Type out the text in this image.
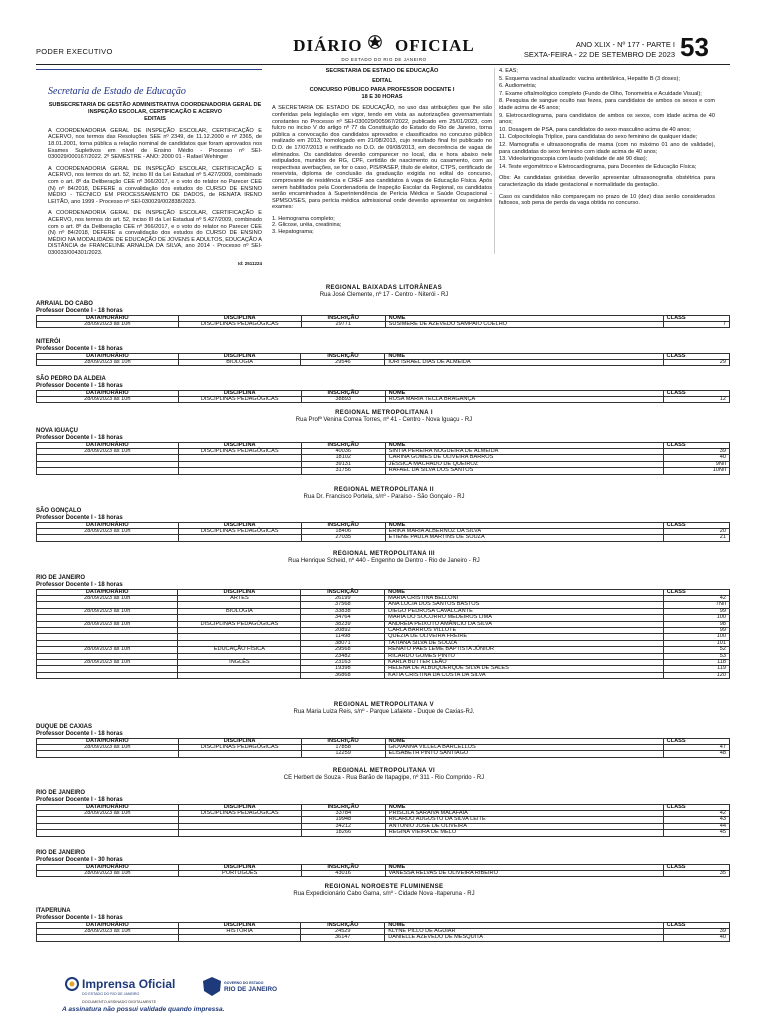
PODER EXECUTIVO	DIÁRIO OFICIAL
DO ESTADO DO RIO DE JANEIRO
ANO XLIX - Nº 177 - PARTE I
SEXTA-FEIRA - 22 DE SETEMBRO DE 2023 53
Secretaria de Estado de Educação

SUBSECRETARIA DE GESTÃO ADMINISTRATIVA COORDENADORIA GERAL DE INSPEÇÃO ESCOLAR, CERTIFICAÇÃO E ACERVO

EDITAIS

A COORDENADORIA GERAL DE INSPEÇÃO ESCOLAR, CERTIFICAÇÃO E ACERVO, nos termos das Resoluções SEE nº 2349, de 11.12.2000 e nº 2365, de 18.01.2001, torna pública a relação nominal de candidatos que foram aprovados nos Exames Supletivos em nível de Ensino Médio - Processo nº SEI-030029/000167/2022. 2º SEMESTRE - ANO: 2000 01 - Rafael Wehinger

A COORDENADORIA GERAL DE INSPEÇÃO ESCOLAR, CERTIFICAÇÃO E ACERVO, nos termos do art. 52, inciso III da Lei Estadual nº 5.427/2009, combinado com o art. 8º da Deliberação CEE nº 366/2017, e o voto do relator no Parecer CEE (N) nº 84/2018, DEFERE a convalidação dos estudos do CURSO DE ENSINO MÉDIO - TÉCNICO EM PROCESSAMENTO DE DADOS, de RENATA IRENO LEITÃO, ano 1999 - Processo nº SEI-030029/002838/2023.

A COORDENADORIA GERAL DE INSPEÇÃO ESCOLAR, CERTIFICAÇÃO E ACERVO, nos termos do art. 52, inciso III da Lei Estadual nº 5.427/2009, combinado com o art. 8º da Deliberação CEE nº 366/2017, e o voto do relator no Parecer CEE (N) nº 84/2018, DEFERE a convalidação dos estudos do CURSO DE ENSINO MÉDIO NA MODALIDADE DE EDUCAÇÃO DE JOVENS E ADULTOS, EDUCAÇÃO A DISTÂNCIA de FRANCELINE ARNALDA DA SILVA, ano 2014 - Processo nº SEI-030033/004301/2023.

Id: 2511224

SECRETARIA DE ESTADO DE EDUCAÇÃO

EDITAL

CONCURSO PÚBLICO PARA PROFESSOR DOCENTE I

18 E 30 HORAS

A SECRETARIA DE ESTADO DE EDUCAÇÃO, no uso das atribuições que lhe são conferidas pela legislação em vigor, tendo em vista as autorizações governamentais constantes no Processo nº SEI-030029/005967/2022, publicado em 25/01/2023, com fulcro no inciso V do artigo nº 77 da Constituição do Estado do Rio de Janeiro, torna pública a convocação dos candidatos aprovados e classificados no concurso público realizado em 2013, homologado em 21/08/2013, cujo resultado final foi publicado no D.O. de 17/07/2013 e retificado no D.O. de 09/08/2013, em decorrência de vagas de eliminados. Os candidatos deverão comparecer no local, dia e hora abaixo nele estipulados, munidos de RG, CPF, certidão de nascimento ou casamento, com as respectivas averbações, se for o caso, PIS/PASEP, título de eleitor, CTPS, certificado de reservista, diploma de conclusão da graduação exigida no edital do concurso, comprovante de residência e CREF aos candidatos à vaga de Educação Física. Após serem habilitados pela Coordenadoria de Inspeção Escolar da Regional, os candidatos serão encaminhados à Superintendência de Perícia Médica e Saúde Ocupacional - SPMSO/SES, para perícia médica admissional onde deverão apresentar os seguintes exames:

1. Hemograma completo;

2. Glicose, uréia, creatinina;

3. Hepatograma;

4. EAS;

5. Esquema vacinal atualizado: vacina antitetânica, Hepatite B (3 doses);

6. Audiometria;

7. Exame oftalmológico completo (Fundo de Olho, Tonometria e Acuidade Visual);

8. Pesquisa de sangue oculto nas fezes, para candidatos de ambos os sexos e com idade acima de 45 anos;

9. Eletrocardiograma, para candidatos de ambos os sexos, com idade acima de 40 anos;

10. Dosagem de PSA, para candidatos do sexo masculino acima de 40 anos;

11. Colpocitologia Tríplice, para candidatas do sexo feminino de qualquer idade;

12. Mamografia e ultrassonografia de mama (com no máximo 01 ano de validade), para candidatas do sexo feminino com idade acima de 40 anos;

13. Videolaringoscopia com laudo (validade de até 90 dias);

14. Teste ergométrico e Eletrocardiograma, para Docentes de Educação Física;

Obs: As candidatas grávidas deverão apresentar ultrassonografia obstétrica para caracterização da idade gestacional e normalidade da gestação.

Caso os candidatos não compareçam no prazo de 10 (dez) dias serão considerados faltosos, sob pena de perda da vaga obtida no concurso.

REGIONAL BAIXADAS LITORÂNEAS
Rua José Clemente, nº 17 - Centro - Niterói - RJ
ARRAIAL DO CABO
Professor Docente I - 18 horas
DATA/HORÁRIO	DISCIPLINA	INSCRIÇÃO	NOME	CLASS
28/09/2023 às 10h	DISCIPLINAS PEDAGÓGICAS	29771	SUSIMERE DE AZEVEDO SAMPAIO COELHO	7
NITERÓI
Professor Docente I - 18 horas
DATA/HORÁRIO	DISCIPLINA	INSCRIÇÃO	NOME	CLASS
28/09/2023 às 10h	BIOLOGIA	29546	IURI ISRAEL DIAS DE ALMEIDA	29
SÃO PEDRO DA ALDEIA
Professor Docente I - 18 horas
DATA/HORÁRIO	DISCIPLINA	INSCRIÇÃO	NOME	CLASS
28/09/2023 às 10h	DISCIPLINAS PEDAGÓGICAS	38893	ROSA MARIA TECLA BRAGANÇA	12
REGIONAL METROPOLITANA I
Rua Profª Venina Correa Torres, nº 41 - Centro - Nova Iguaçu - RJ
NOVA IGUAÇU
Professor Docente I - 18 horas
DATA/HORÁRIO	DISCIPLINA	INSCRIÇÃO	NOME	CLASS
28/09/2023 às 10h	DISCIPLINAS PEDAGÓGICAS	40036	SINTIA PEREIRA NOGUEIRA DE ALMEIDA	39
		18102	CARINA GOMES DE OLIVEIRA BARROS	40
		39131	JÉSSICA MACHADO DE QUEIROZ	9N/I
		31756	RAFAEL DA SILVA DOS SANTOS	10N/I
REGIONAL METROPOLITANA II
Rua Dr. Francisco Portela, s/nº - Paraíso - São Gonçalo - RJ
SÃO GONÇALO
Professor Docente I - 18 horas
DATA/HORÁRIO	DISCIPLINA	INSCRIÇÃO	NOME	CLASS
28/09/2023 às 10h	DISCIPLINAS PEDAGÓGICAS	18406	ÉRIKA MARIA ALBERNOZ DA SILVA	20
		27035	ETIENE PAULA MARTINS DE SOUZA	21
REGIONAL METROPOLITANA III
Rua Henrique Scheid, nº 440 - Engenho de Dentro - Rio de Janeiro - RJ
RIO DE JANEIRO
Professor Docente I - 18 horas
DATA/HORÁRIO	DISCIPLINA	INSCRIÇÃO	NOME	CLASS
28/09/2023 às 10h	ARTES	26199	MARIA CRISTINA BELLONI	42
		37568	ANA LUCIA DOS SANTOS BASTOS	7N/I
28/09/2023 às 10h	BIOLOGIA	33838	DIEGO PEDROSA CAVALCANTE	99
		34764	MARIA DO SOCORRO MEDEIROS LIMA	100
28/09/2023 às 10h	DISCIPLINAS PEDAGÓGICAS	38239	ANDRÉIA PEIXOTO AMÂNCIO DA SILVA	98
		20892	CARLA BARROS VILLOTE	99
		11498	QUÉZIA DE OLIVEIRA FREIRE	100
		38071	TATIANA SILVA DE SOUZA	101
28/09/2023 às 10h	EDUCAÇÃO FÍSICA	29568	RENATO PAES LEME BAPTISTA JÚNIOR	52
		23482	RICARDO GOMES PINTO	53
28/09/2023 às 10h	INGLÊS	23163	KARLA BUTTER LEÃO	118
		19398	HELENA DE ALBUQUERQUE SILVA DE SALES	119
		36868	KATIA CRISTINA DA COSTA DA SILVA	120
REGIONAL METROPOLITANA V
Rua Maria Luiza Reis, s/nº - Parque Lafaiete - Duque de Caxias-RJ.
DUQUE DE CAXIAS
Professor Docente I - 18 horas
DATA/HORÁRIO	DISCIPLINA	INSCRIÇÃO	NOME	CLASS
28/09/2023 às 10h	DISCIPLINAS PEDAGÓGICAS	17858	GIOVANNA VILLELA BARCELLOS	47
		12259	ELISABETH PINTO SANTIAGO	48
REGIONAL METROPOLITANA VI
CE Herbert de Souza - Rua Barão de Itapagipe, nº 311 - Rio Comprido - RJ
RIO DE JANEIRO
Professor Docente I - 18 horas
DATA/HORÁRIO	DISCIPLINA	INSCRIÇÃO	NOME	CLASS
28/09/2023 às 10h	DISCIPLINAS PEDAGÓGICAS	33784	PRISCILA SARAIVA MALAFAIA	42
		19948	RICARDO AUGUSTO DA SILVA LEITE	43
		34212	ANTONIO JOSÉ DE OLIVEIRA	44
		18266	REGINA VIEIRA DE MELO	45
RIO DE JANEIRO
Professor Docente I - 30 horas
DATA/HORÁRIO	DISCIPLINA	INSCRIÇÃO	NOME	CLASS
28/09/2023 às 10h	PORTUGUÊS	43016	VANESSA RELVAS DE OLIVEIRA RIBEIRO	35
REGIONAL NOROESTE FLUMINENSE
Rua Expedicionário Cabo Gama, s/nº - Cidade Nova -Itaperuna - RJ
ITAPERUNA
Professor Docente I - 18 horas
DATA/HORÁRIO	DISCIPLINA	INSCRIÇÃO	NOME	CLASS
28/09/2023 às 10h	HISTÓRIA	24529	KLYNE PILLO DE AGUIAR	39
		36147	DANIELLE AZEVEDO DE MESQUITA	40
Imprensa Oficial
DO ESTADO DO RIO DE JANEIRO
GOVERNO DO ESTADO
RIO DE JANEIRO
DOCUMENTO ASSINADO DIGITALMENTE
A assinatura não possui validade quando impressa.
